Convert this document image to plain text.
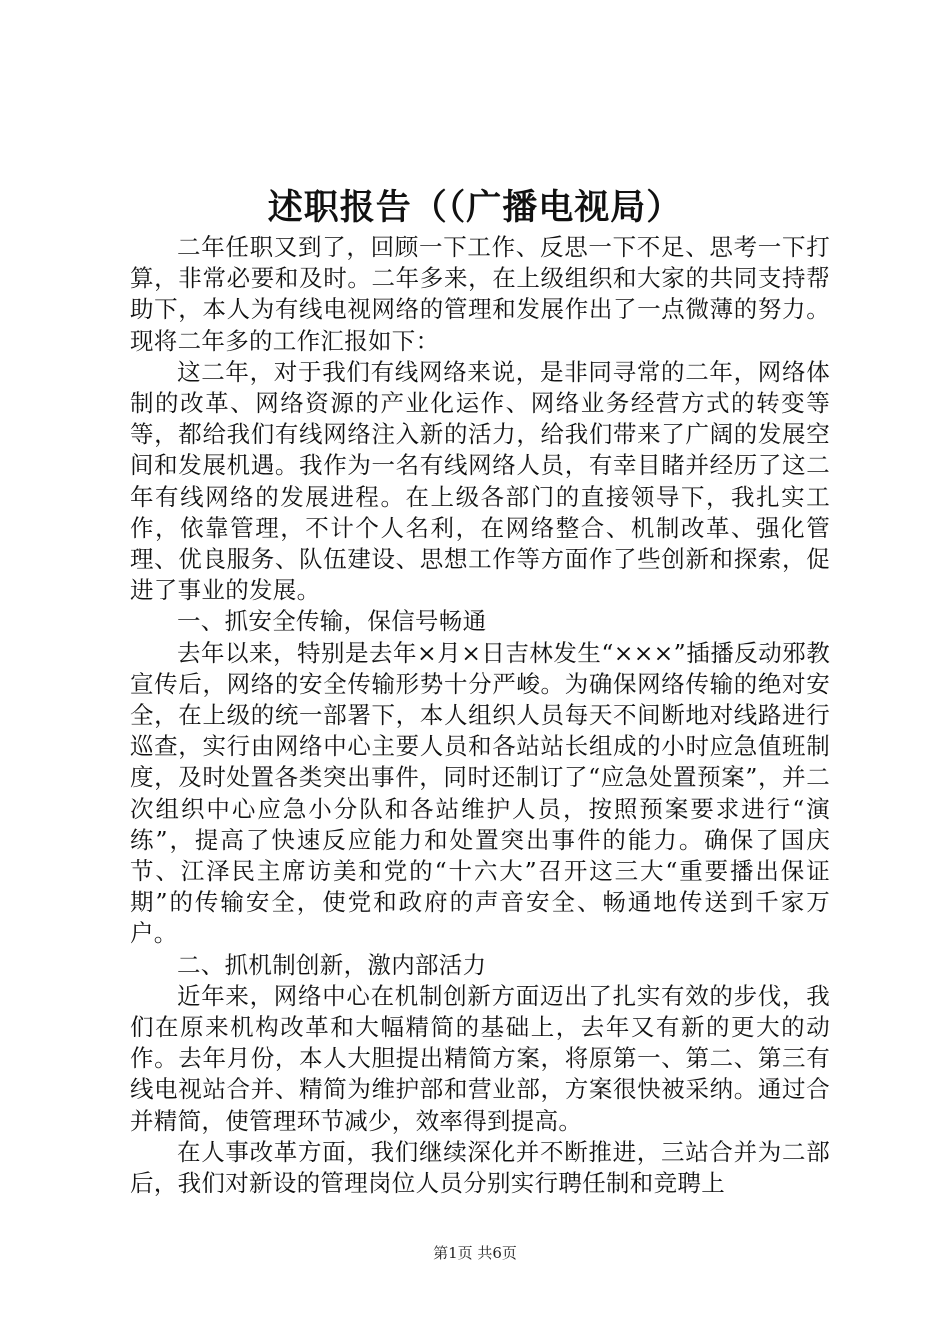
述职报告（（广播电视局）

二年任职又到了，回顾一下工作、反思一下不足、思考一下打算，非常必要和及时。二年多来，在上级组织和大家的共同支持帮助下，本人为有线电视网络的管理和发展作出了一点微薄的努力。现将二年多的工作汇报如下：

这二年，对于我们有线网络来说，是非同寻常的二年，网络体制的改革、网络资源的产业化运作、网络业务经营方式的转变等等，都给我们有线网络注入新的活力，给我们带来了广阔的发展空间和发展机遇。我作为一名有线网络人员，有幸目睹并经历了这二年有线网络的发展进程。在上级各部门的直接领导下，我扎实工作，依靠管理，不计个人名利，在网络整合、机制改革、强化管理、优良服务、队伍建设、思想工作等方面作了些创新和探索，促进了事业的发展。

一、抓安全传输，保信号畅通

去年以来，特别是去年×月×日吉林发生“×××”插播反动邪教宣传后，网络的安全传输形势十分严峻。为确保网络传输的绝对安全，在上级的统一部署下，本人组织人员每天不间断地对线路进行巡查，实行由网络中心主要人员和各站站长组成的小时应急值班制度，及时处置各类突出事件，同时还制订了“应急处置预案”，并二次组织中心应急小分队和各站维护人员，按照预案要求进行“演练”，提高了快速反应能力和处置突出事件的能力。确保了国庆节、江泽民主席访美和党的“十六大”召开这三大“重要播出保证期”的传输安全，使党和政府的声音安全、畅通地传送到千家万户。

二、抓机制创新，激内部活力

近年来，网络中心在机制创新方面迈出了扎实有效的步伐，我们在原来机构改革和大幅精简的基础上，去年又有新的更大的动作。去年月份，本人大胆提出精简方案，将原第一、第二、第三有线电视站合并、精简为维护部和营业部，方案很快被采纳。通过合并精简，使管理环节减少，效率得到提高。

在人事改革方面，我们继续深化并不断推进，三站合并为二部后，我们对新设的管理岗位人员分别实行聘任制和竞聘上

第1页 共6页
